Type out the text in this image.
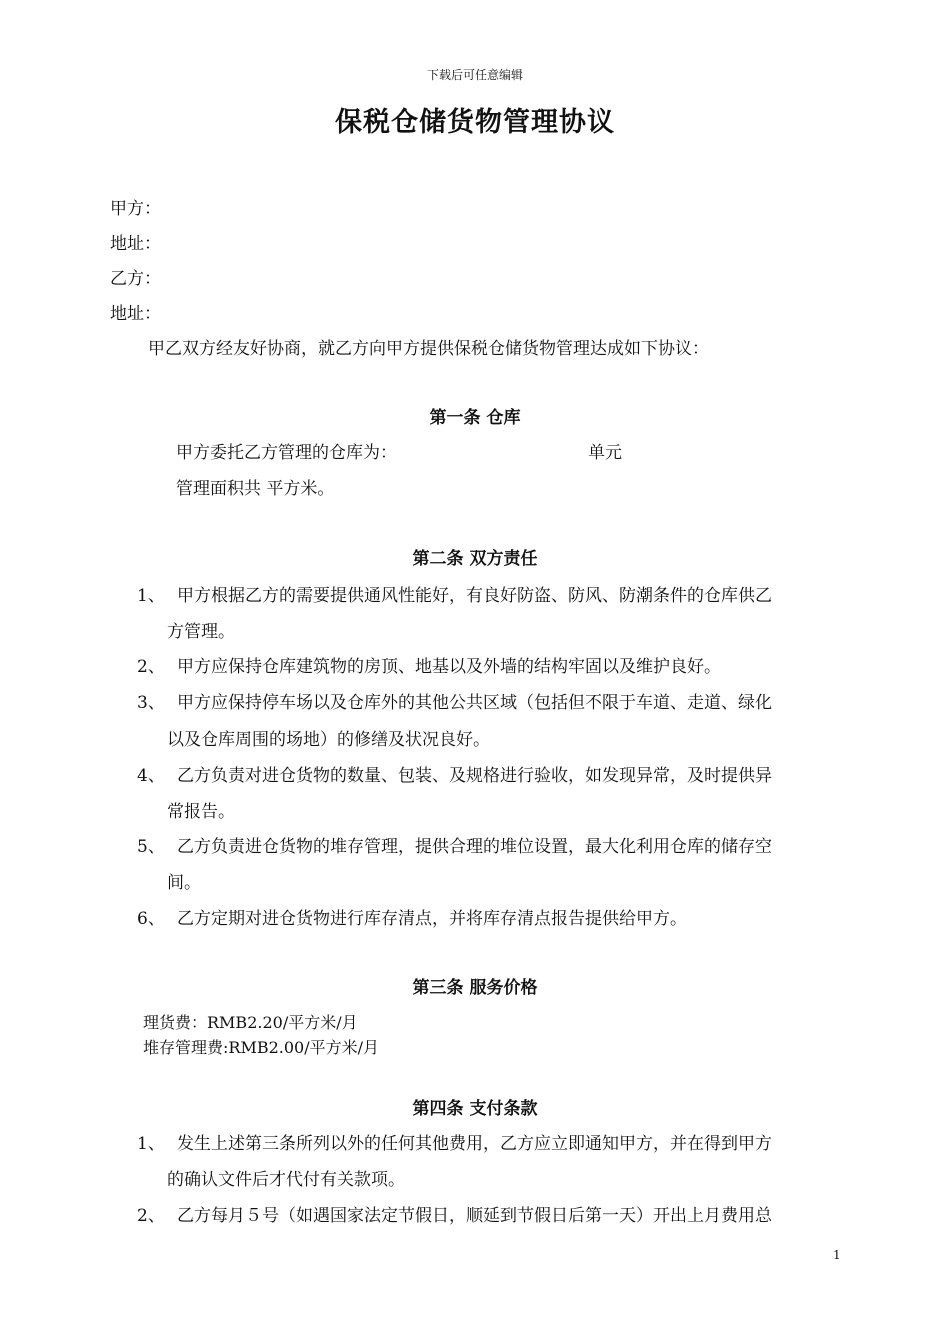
下载后可任意编辑
保税仓储货物管理协议
甲方：
地址：
乙方：
地址：
甲乙双方经友好协商，就乙方向甲方提供保税仓储货物管理达成如下协议：
第一条 仓库
甲方委托乙方管理的仓库为：	单元
管理面积共 平方米。
第二条 双方责任
1、 甲方根据乙方的需要提供通风性能好，有良好防盗、防风、防潮条件的仓库供乙
方管理。
2、 甲方应保持仓库建筑物的房顶、地基以及外墙的结构牢固以及维护良好。
3、 甲方应保持停车场以及仓库外的其他公共区域（包括但不限于车道、走道、绿化
以及仓库周围的场地）的修缮及状况良好。
4、 乙方负责对进仓货物的数量、包装、及规格进行验收，如发现异常，及时提供异
常报告。
5、 乙方负责进仓货物的堆存管理，提供合理的堆位设置，最大化利用仓库的储存空
间。
6、 乙方定期对进仓货物进行库存清点，并将库存清点报告提供给甲方。
第三条 服务价格
理货费：RMB2.20/平方米/月
堆存管理费:RMB2.00/平方米/月
第四条 支付条款
1、 发生上述第三条所列以外的任何其他费用，乙方应立即通知甲方，并在得到甲方
的确认文件后才代付有关款项。
2、 乙方每月５号（如遇国家法定节假日，顺延到节假日后第一天）开出上月费用总
1
